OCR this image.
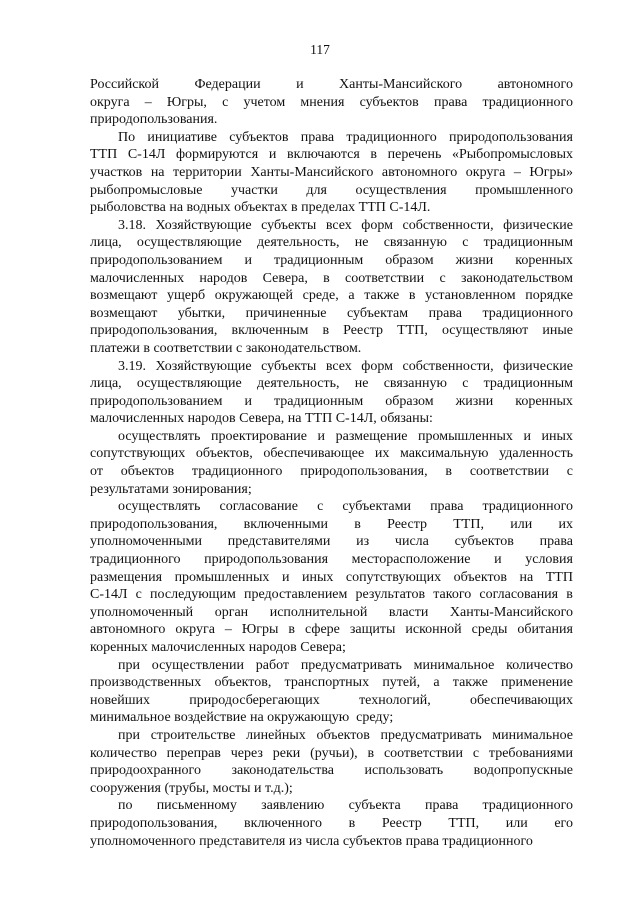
117
Российской	Федерации	и	Ханты-Мансийского	автономного
округа – Югры, с учетом мнения субъектов права традиционного
природопользования.
По инициативе субъектов права традиционного природопользования
ТТП С-14Л формируются и включаются в перечень «Рыбопромысловых
участков на территории Ханты-Мансийского автономного округа – Югры»
рыбопромысловые участки для осуществления промышленного
рыболовства на водных объектах в пределах ТТП С-14Л.
3.18. Хозяйствующие субъекты всех форм собственности, физические
лица, осуществляющие деятельность, не связанную с традиционным
природопользованием и традиционным образом жизни коренных
малочисленных народов Севера, в соответствии с законодательством
возмещают ущерб окружающей среде, а также в установленном порядке
возмещают убытки, причиненные субъектам права традиционного
природопользования, включенным в Реестр ТТП, осуществляют иные
платежи в соответствии с законодательством.
3.19. Хозяйствующие субъекты всех форм собственности, физические
лица, осуществляющие деятельность, не связанную с традиционным
природопользованием и традиционным образом жизни коренных
малочисленных народов Севера, на ТТП С-14Л, обязаны:
осуществлять проектирование и размещение промышленных и иных
сопутствующих объектов, обеспечивающее их максимальную удаленность
от объектов традиционного природопользования, в соответствии с
результатами зонирования;
осуществлять согласование с субъектами права традиционного
природопользования, включенными в Реестр ТТП, или их
уполномоченными представителями из числа субъектов права
традиционного природопользования месторасположение и условия
размещения промышленных и иных сопутствующих объектов на ТТП
С-14Л с последующим предоставлением результатов такого согласования в
уполномоченный орган исполнительной власти Ханты-Мансийского
автономного округа – Югры в сфере защиты исконной среды обитания
коренных малочисленных народов Севера;
при осуществлении работ предусматривать минимальное количество
производственных объектов, транспортных путей, а также применение
новейших	природосберегающих	технологий,	обеспечивающих
минимальное воздействие на окружающую  среду;
при строительстве линейных объектов предусматривать минимальное
количество переправ через реки (ручьи), в соответствии с требованиями
природоохранного законодательства использовать водопропускные
сооружения (трубы, мосты и т.д.);
по письменному заявлению субъекта права традиционного
природопользования, включенного в Реестр ТТП, или его
уполномоченного представителя из числа субъектов права традиционного
